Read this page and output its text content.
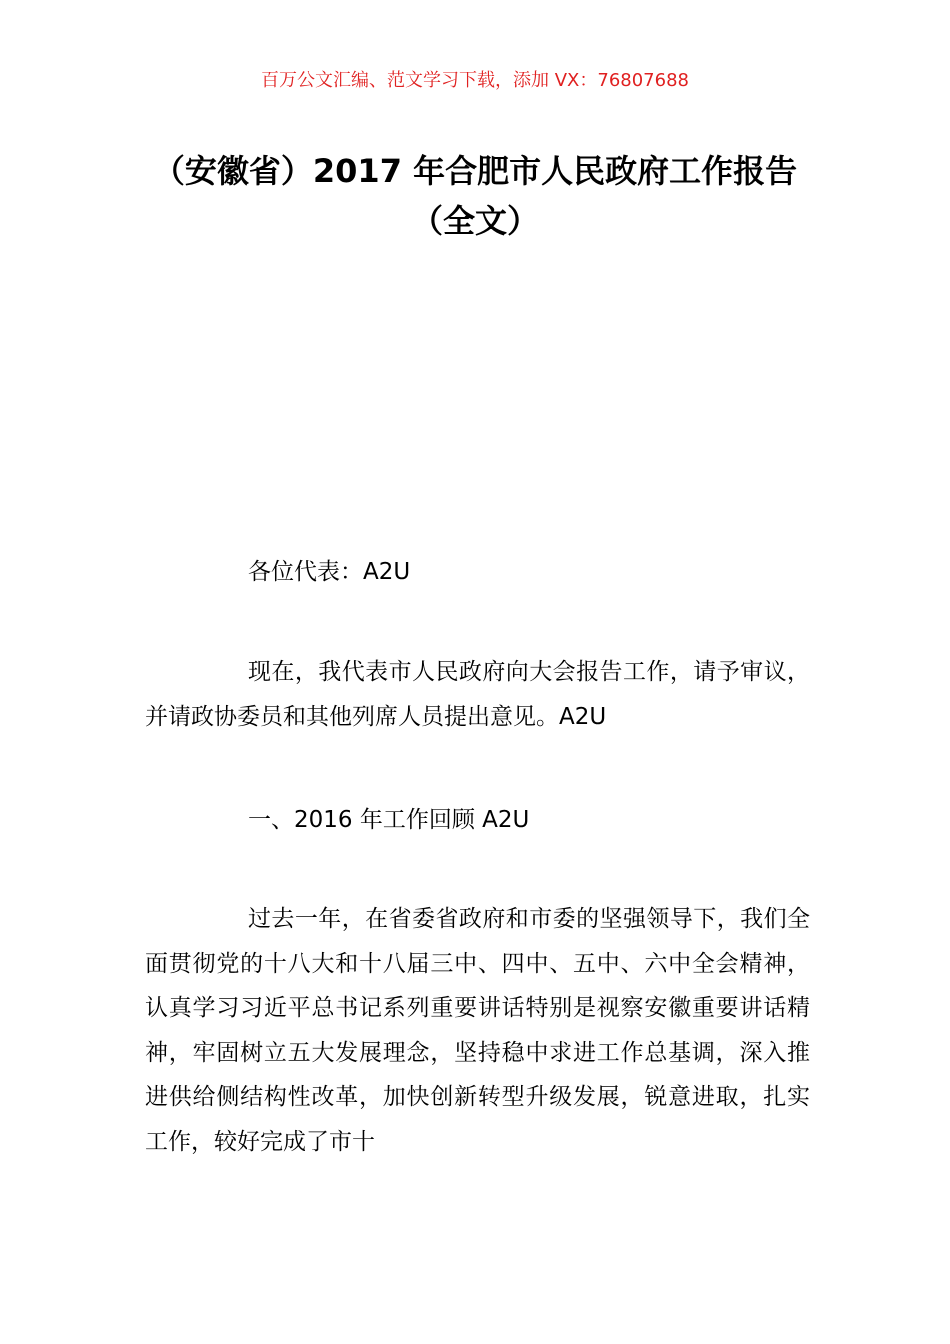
百万公文汇编、范文学习下载，添加 VX：76807688

（安徽省）2017 年合肥市人民政府工作报告（全文）

各位代表：A2U

现在，我代表市人民政府向大会报告工作，请予审议，并请政协委员和其他列席人员提出意见。A2U

一、2016 年工作回顾 A2U

过去一年，在省委省政府和市委的坚强领导下，我们全面贯彻党的十八大和十八届三中、四中、五中、六中全会精神，认真学习习近平总书记系列重要讲话特别是视察安徽重要讲话精神，牢固树立五大发展理念，坚持稳中求进工作总基调，深入推进供给侧结构性改革，加快创新转型升级发展，锐意进取，扎实工作，较好完成了市十
